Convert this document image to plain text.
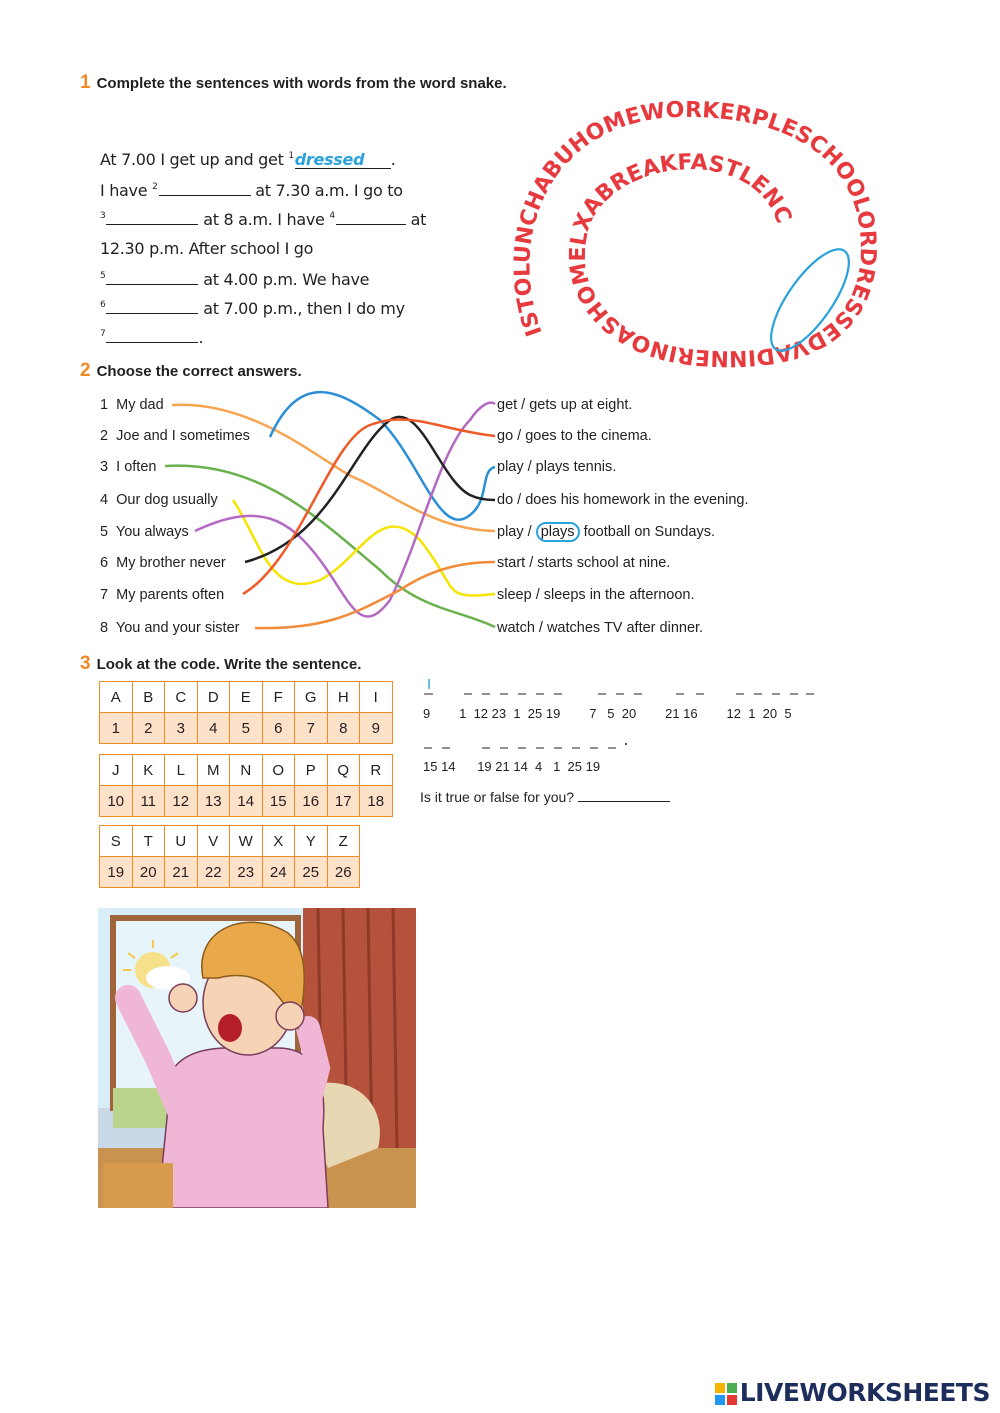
1 Complete the sentences with words from the word snake.
At 7.00 I get up and get $^1$dressed .
I have $^2$	at 7.30 a.m. I go to
$^3$	at 8 a.m. I have $^4$	at
12.30 p.m. After school I go
$^5$	at 4.00 p.m. We have
$^6$	at 7.00 p.m., then I do my
$^7$	.	ISTOLUNCHABUHOMEWORKERPLESCHOOLORDRESSEDVADINNERINOASHOMELXABREAKFASTLENC
2 Choose the correct answers.
1 My dad
2 Joe and I sometimes
3 I often
4 Our dog usually
5 You always
6 My brother never
7 My parents often
8 You and your sister
get / gets up at eight.
go / goes to the cinema.
play / plays tennis.
do / does his homework in the evening.
play / plays football on Sundays.
start / starts school at nine.
sleep / sleeps in the afternoon.
watch / watches TV after dinner.
3 Look at the code. Write the sentence.
A	B	C	D	E	F	G	H	I
1	2	3	4	5	6	7	8	9
J	K	L	M	N	O	P	Q	R
10	11	12	13	14	15	16	17	18
S	T	U	V	W	X	Y	Z
19	20	21	22	23	24	25	26
I
9        1  12 23  1  25 19        7   5  20        21 16        12  1  20  5
15 14      19 21 14  4   1  25 19
Is it true or false for you?
LIVEWORKSHEETS
